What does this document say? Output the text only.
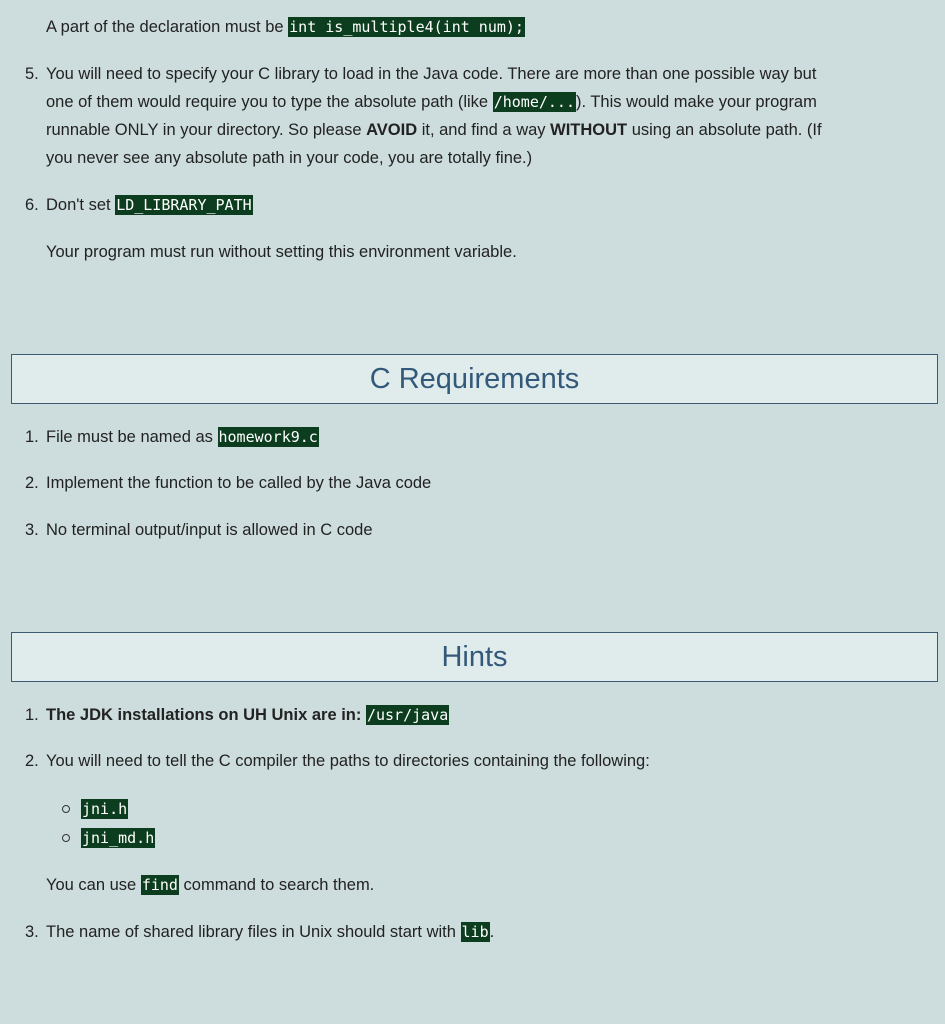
A part of the declaration must be int is_multiple4(int num);
5. You will need to specify your C library to load in the Java code. There are more than one possible way but
one of them would require you to type the absolute path (like /home/...). This would make your program
runnable ONLY in your directory. So please AVOID it, and find a way WITHOUT using an absolute path. (If
you never see any absolute path in your code, you are totally fine.)
6. Don't set LD_LIBRARY_PATH
Your program must run without setting this environment variable.
C Requirements
1. File must be named as homework9.c
2. Implement the function to be called by the Java code
3. No terminal output/input is allowed in C code
Hints
1. The JDK installations on UH Unix are in: /usr/java
2. You will need to tell the C compiler the paths to directories containing the following:
jni.h
jni_md.h
You can use find command to search them.
3. The name of shared library files in Unix should start with lib.
